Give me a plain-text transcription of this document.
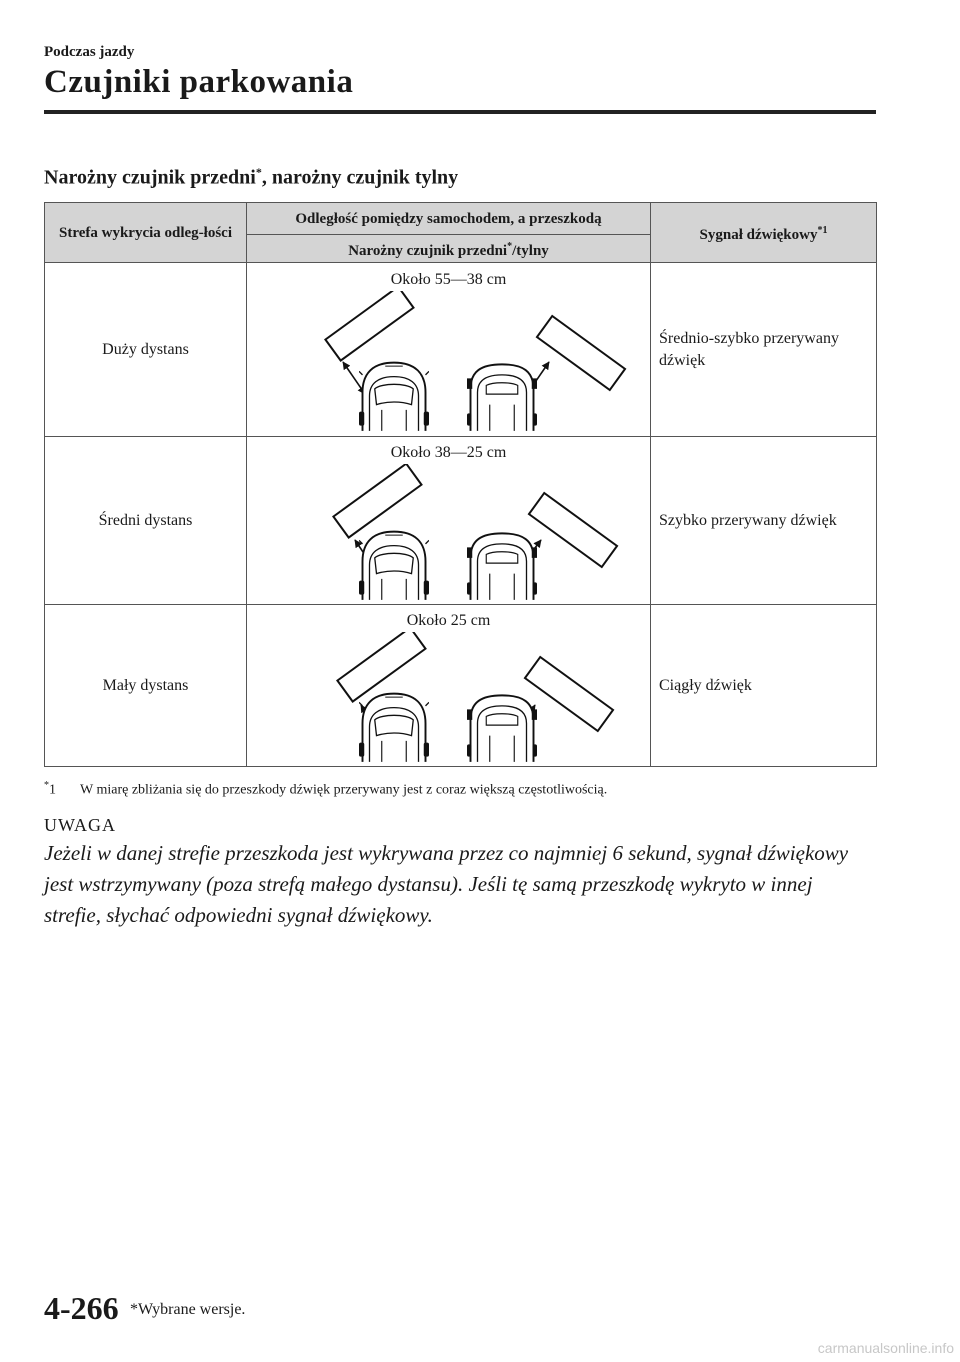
Podczas jazdy
Czujniki parkowania
Narożny czujnik przedni*, narożny czujnik tylny
Strefa wykrycia odleg-łości	Odległość pomiędzy samochodem, a przeszkodą	Sygnał dźwiękowy$^{*1}$
	Narożny czujnik przedni*/tylny	
Duży dystans	Około 55—38 cm	Średnio-szybko przerywany dźwięk
Średni dystans	Około 38—25 cm	Szybko przerywany dźwięk
Mały dystans	Około 25 cm	Ciągły dźwięk
*1 W miarę zbliżania się do przeszkody dźwięk przerywany jest z coraz większą częstotliwością.
UWAGA
Jeżeli w danej strefie przeszkoda jest wykrywana przez co najmniej 6 sekund, sygnał dźwiękowy jest wstrzymywany (poza strefą małego dystansu). Jeśli tę samą przeszkodę wykryto w innej strefie, słychać odpowiedni sygnał dźwiękowy.
4-266 *Wybrane wersje.
carmanualsonline.info
